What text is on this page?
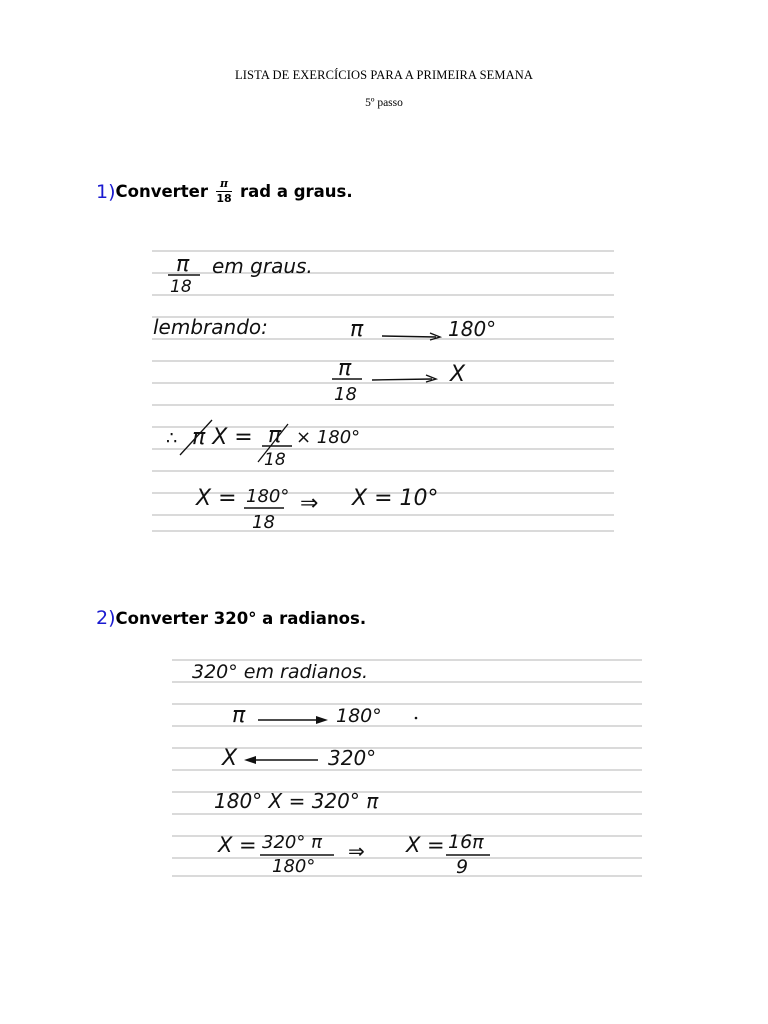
LISTA DE EXERCÍCIOS PARA A PRIMEIRA SEMANA
5º passo
1) Converter $\frac{\pi}{18}$ rad a graus.
2) Converter 320° a radianos.
π
18
em graus.
lembrando:	π	180°
π
18
X
∴ π X = π
18
× 180°
X = 180°
18
⇒ X = 10°
320° em radianos.
π	180°
X	320°
180° X = 320° π
X = 320° π
180°
⇒ X = 16π
9
